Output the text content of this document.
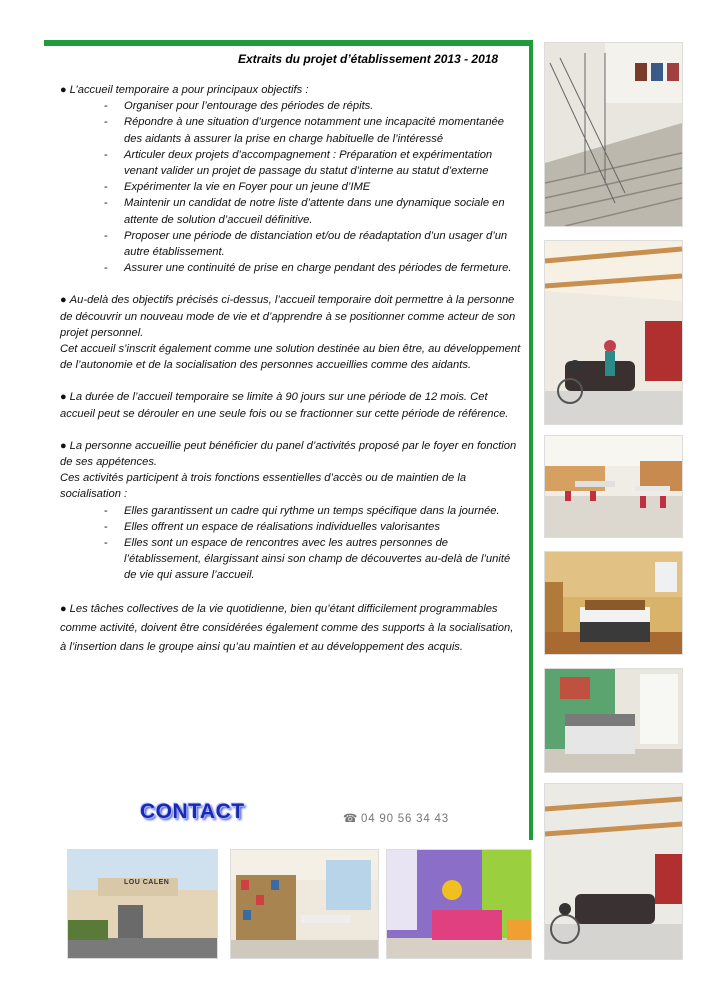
Extraits du projet d’établissement 2013 - 2018

● L’accueil temporaire a pour principaux objectifs :

- Organiser pour l’entourage des périodes de répits.
- Répondre à une situation d’urgence notamment une incapacité momentanée des aidants à assurer la prise en charge habituelle de l’intéressé
- Articuler deux projets d’accompagnement : Préparation et expérimentation venant valider un projet de passage du statut d’interne au statut d’externe
- Expérimenter la vie en Foyer pour un jeune d’IME
- Maintenir un candidat de notre liste d’attente dans une dynamique sociale en attente de solution d’accueil définitive.
- Proposer une période de distanciation et/ou de réadaptation d’un usager d’un autre établissement.
- Assurer une continuité de prise en charge pendant des périodes de fermeture.

● Au-delà des objectifs précisés ci-dessus, l’accueil temporaire doit permettre à la personne de découvrir un nouveau mode de vie et d’apprendre à se positionner comme acteur de son projet personnel.

Cet accueil s’inscrit également comme une solution destinée au bien être, au développement de l’autonomie et de la socialisation des personnes accueillies comme des aidants.

● La durée de l’accueil temporaire se limite à 90 jours sur une période de 12 mois. Cet accueil peut se dérouler en une seule fois ou se fractionner sur cette période de référence.

● La personne accueillie peut bénéficier du panel d’activités proposé par le foyer en fonction de ses appétences.

Ces activités participent à trois fonctions essentielles d’accès ou de maintien de la socialisation :

- Elles garantissent un cadre qui rythme un temps spécifique dans la journée.
- Elles offrent un espace de réalisations individuelles valorisantes
- Elles sont un espace de rencontres avec les autres personnes de l’établissement, élargissant ainsi son champ de découvertes au-delà de l’unité de vie qui assure l’accueil.

● Les tâches collectives de la vie quotidienne, bien qu’étant difficilement programmables comme activité, doivent être considérées également comme des supports à la socialisation, à l’insertion dans le groupe ainsi qu’au maintien et au développement des acquis.

CONTACT	☎ 04 90 56 34 43
LOU CALEN
